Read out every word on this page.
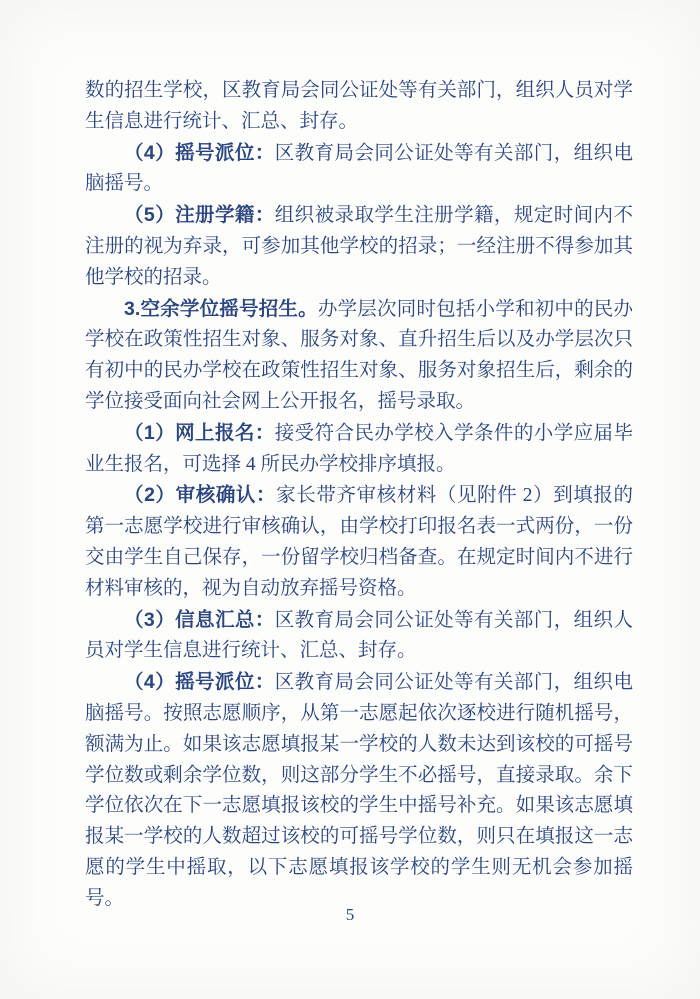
数的招生学校，区教育局会同公证处等有关部门，组织人员对学生信息进行统计、汇总、封存。

（4）摇号派位：区教育局会同公证处等有关部门，组织电脑摇号。

（5）注册学籍：组织被录取学生注册学籍，规定时间内不注册的视为弃录，可参加其他学校的招录；一经注册不得参加其他学校的招录。

3.空余学位摇号招生。办学层次同时包括小学和初中的民办学校在政策性招生对象、服务对象、直升招生后以及办学层次只有初中的民办学校在政策性招生对象、服务对象招生后，剩余的学位接受面向社会网上公开报名，摇号录取。

（1）网上报名：接受符合民办学校入学条件的小学应届毕业生报名，可选择 4 所民办学校排序填报。

（2）审核确认：家长带齐审核材料（见附件 2）到填报的第一志愿学校进行审核确认，由学校打印报名表一式两份，一份交由学生自己保存，一份留学校归档备查。在规定时间内不进行材料审核的，视为自动放弃摇号资格。

（3）信息汇总：区教育局会同公证处等有关部门，组织人员对学生信息进行统计、汇总、封存。

（4）摇号派位：区教育局会同公证处等有关部门，组织电脑摇号。按照志愿顺序，从第一志愿起依次逐校进行随机摇号，额满为止。如果该志愿填报某一学校的人数未达到该校的可摇号学位数或剩余学位数，则这部分学生不必摇号，直接录取。余下学位依次在下一志愿填报该校的学生中摇号补充。如果该志愿填报某一学校的人数超过该校的可摇号学位数，则只在填报这一志愿的学生中摇取，以下志愿填报该学校的学生则无机会参加摇号。

5
